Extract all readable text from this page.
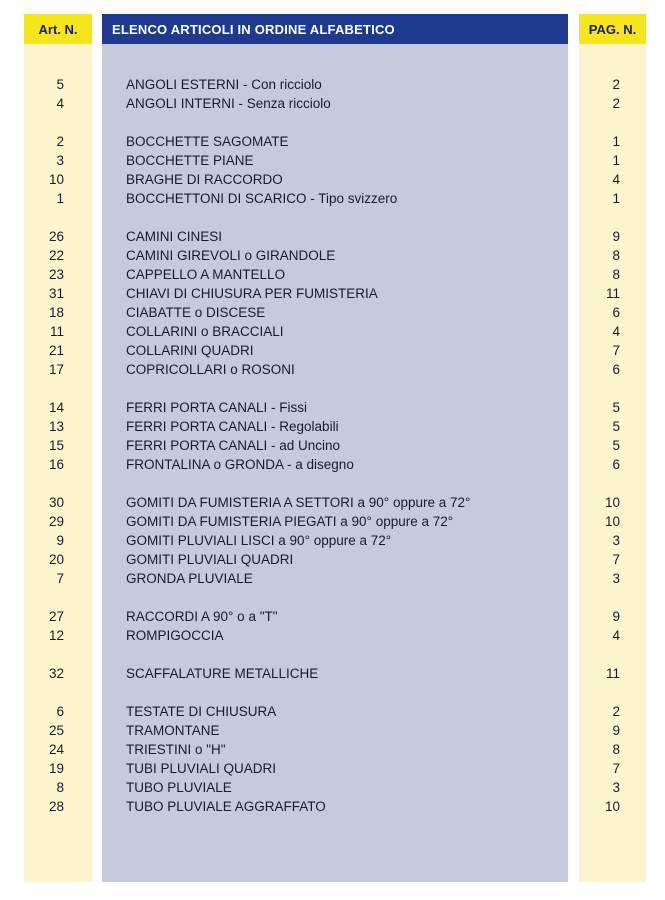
Art. N.	ELENCO ARTICOLI IN ORDINE ALFABETICO	PAG. N.
5	ANGOLI ESTERNI - Con ricciolo	2
4	ANGOLI INTERNI - Senza ricciolo	2
2	BOCCHETTE SAGOMATE	1
3	BOCCHETTE PIANE	1
10	BRAGHE DI RACCORDO	4
1	BOCCHETTONI DI SCARICO - Tipo svizzero	1
26	CAMINI CINESI	9
22	CAMINI GIREVOLI o GIRANDOLE	8
23	CAPPELLO A MANTELLO	8
31	CHIAVI DI CHIUSURA PER FUMISTERIA	11
18	CIABATTE o DISCESE	6
11	COLLARINI o BRACCIALI	4
21	COLLARINI QUADRI	7
17	COPRICOLLARI o ROSONI	6
14	FERRI PORTA CANALI - Fissi	5
13	FERRI PORTA CANALI - Regolabili	5
15	FERRI PORTA CANALI - ad Uncino	5
16	FRONTALINA o GRONDA - a disegno	6
30	GOMITI DA FUMISTERIA A SETTORI a 90° oppure a 72°	10
29	GOMITI DA FUMISTERIA PIEGATI a 90° oppure a 72°	10
9	GOMITI PLUVIALI LISCI a 90° oppure a 72°	3
20	GOMITI PLUVIALI QUADRI	7
7	GRONDA PLUVIALE	3
27	RACCORDI A 90° o a "T"	9
12	ROMPIGOCCIA	4
32	SCAFFALATURE METALLICHE	11
6	TESTATE DI CHIUSURA	2
25	TRAMONTANE	9
24	TRIESTINI o "H"	8
19	TUBI PLUVIALI QUADRI	7
8	TUBO PLUVIALE	3
28	TUBO PLUVIALE AGGRAFFATO	10
